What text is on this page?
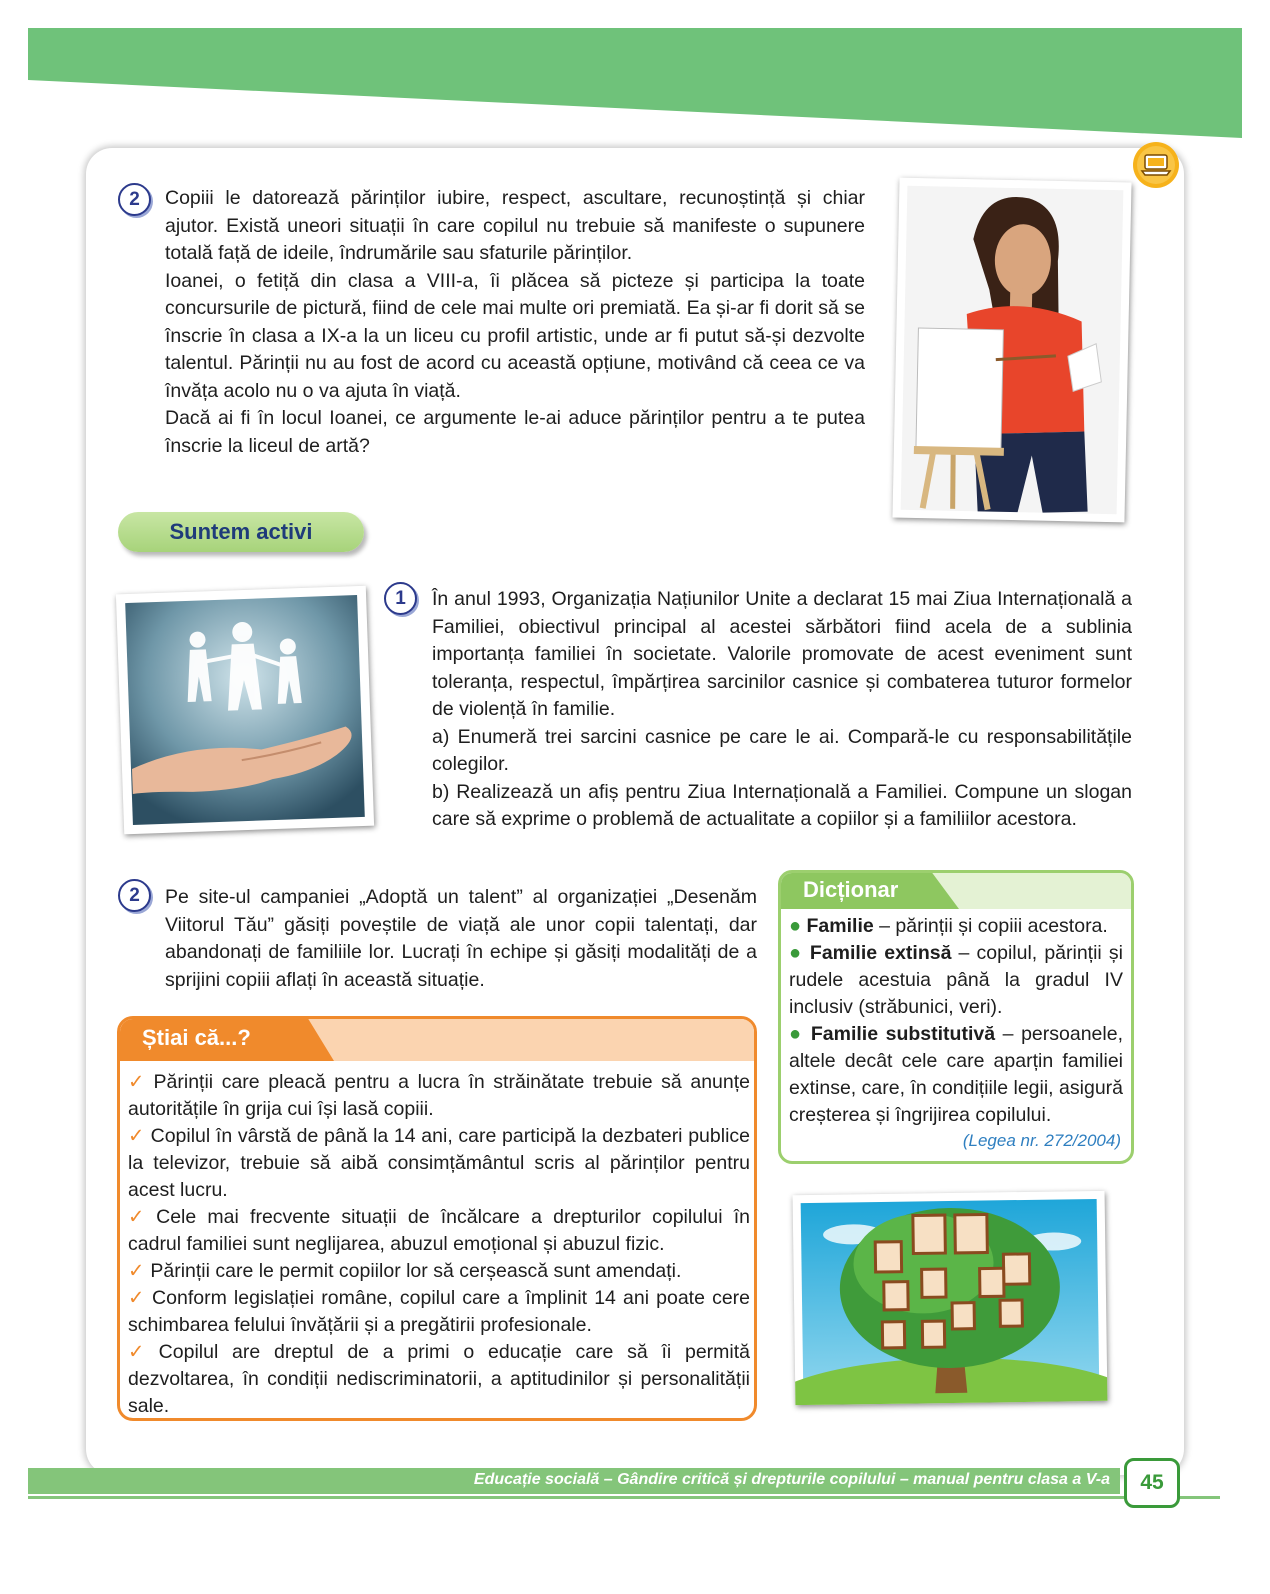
2	Copiii le datorează părinților iubire, respect, ascultare, recunoștință și chiar ajutor. Există uneori situații în care copilul nu trebuie să manifeste o supunere totală față de ideile, îndrumările sau sfaturile părinților.

Ioanei, o fetiță din clasa a VIII-a, îi plăcea să picteze și participa la toate concursurile de pictură, fiind de cele mai multe ori premiată. Ea și-ar fi dorit să se înscrie în clasa a IX-a la un liceu cu profil artistic, unde ar fi putut să-și dezvolte talentul. Părinții nu au fost de acord cu această opțiune, motivând că ceea ce va învăța acolo nu o va ajuta în viață.

Dacă ai fi în locul Ioanei, ce argumente le-ai aduce părinților pentru a te putea înscrie la liceul de artă?

Suntem activi
1	În anul 1993, Organizația Națiunilor Unite a declarat 15 mai Ziua Internațională a Familiei, obiectivul principal al acestei sărbători fiind acela de a sublinia importanța familiei în societate. Valorile promovate de acest eveniment sunt toleranța, respectul, împărțirea sarcinilor casnice și combaterea tuturor formelor de violență în familie.

a) Enumeră trei sarcini casnice pe care le ai. Compară-le cu responsabilitățile colegilor.

b) Realizează un afiș pentru Ziua Internațională a Familiei. Compune un slogan care să exprime o problemă de actualitate a copiilor și a familiilor acestora.

2	Pe site-ul campaniei „Adoptă un talent” al organizației „Desenăm Viitorul Tău” găsiți poveștile de viață ale unor copii talentați, dar abandonați de familiile lor. Lucrați în echipe și găsiți modalități de a sprijini copiii aflați în această situație.

Știai că...?

✓ Părinții care pleacă pentru a lucra în străinătate trebuie să anunțe autoritățile în grija cui își lasă copiii.

✓ Copilul în vârstă de până la 14 ani, care participă la dezbateri publice la televizor, trebuie să aibă consimțământul scris al părinților pentru acest lucru.

✓ Cele mai frecvente situații de încălcare a drepturilor copilului în cadrul familiei sunt neglijarea, abuzul emoțional și abuzul fizic.

✓ Părinții care le permit copiilor lor să cerșească sunt amendați.

✓ Conform legislației române, copilul care a împlinit 14 ani poate cere schimbarea felului învățării și a pregătirii profesionale.

✓ Copilul are dreptul de a primi o educație care să îi permită dezvoltarea, în condiții nediscriminatorii, a aptitudinilor și personalității sale.

Dicționar

● Familie – părinții și copiii acestora.

● Familie extinsă – copilul, părinții și rudele acestuia până la gradul IV inclusiv (străbunici, veri).

● Familie substitutivă – persoanele, altele decât cele care aparțin familiei extinse, care, în condițiile legii, asigură creșterea și îngrijirea copilului.

(Legea nr. 272/2004)
Educație socială – Gândire critică și drepturile copilului – manual pentru clasa a V-a	45
